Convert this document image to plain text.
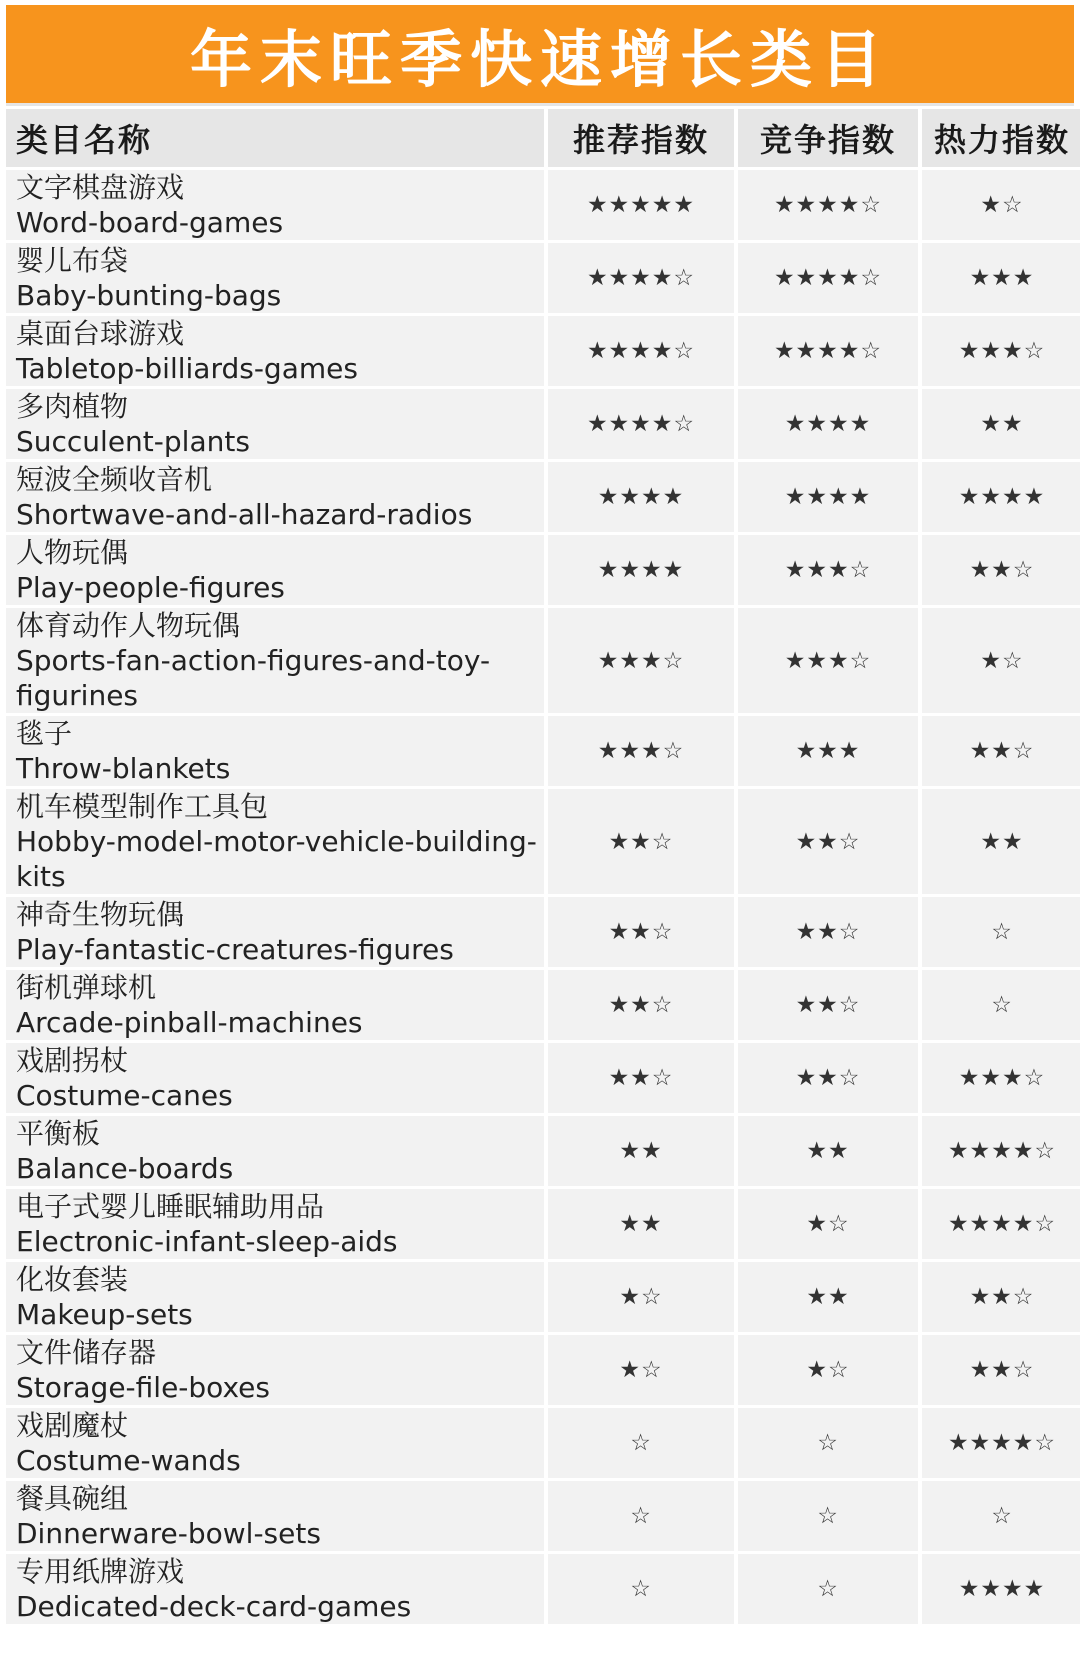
年末旺季快速增长类目
类目名称	推荐指数	竞争指数	热力指数

文字棋盘游戏
Word-board-games	★★★★★	★★★★☆	★☆

婴儿布袋
Baby-bunting-bags	★★★★☆	★★★★☆	★★★

桌面台球游戏
Tabletop-billiards-games	★★★★☆	★★★★☆	★★★☆

多肉植物
Succulent-plants	★★★★☆	★★★★	★★

短波全频收音机
Shortwave-and-all-hazard-radios	★★★★	★★★★	★★★★

人物玩偶
Play-people-figures	★★★★	★★★☆	★★☆

体育动作人物玩偶
Sports-fan-action-figures-and-toy-figurines	★★★☆	★★★☆	★☆

毯子
Throw-blankets	★★★☆	★★★	★★☆

机车模型制作工具包
Hobby-model-motor-vehicle-building-kits	★★☆	★★☆	★★

神奇生物玩偶
Play-fantastic-creatures-figures	★★☆	★★☆	☆

街机弹球机
Arcade-pinball-machines	★★☆	★★☆	☆

戏剧拐杖
Costume-canes	★★☆	★★☆	★★★☆

平衡板
Balance-boards	★★	★★	★★★★☆

电子式婴儿睡眠辅助用品
Electronic-infant-sleep-aids	★★	★☆	★★★★☆

化妆套装
Makeup-sets	★☆	★★	★★☆

文件储存器
Storage-file-boxes	★☆	★☆	★★☆

戏剧魔杖
Costume-wands	☆	☆	★★★★☆

餐具碗组
Dinnerware-bowl-sets	☆	☆	☆

专用纸牌游戏
Dedicated-deck-card-games	☆	☆	★★★★
